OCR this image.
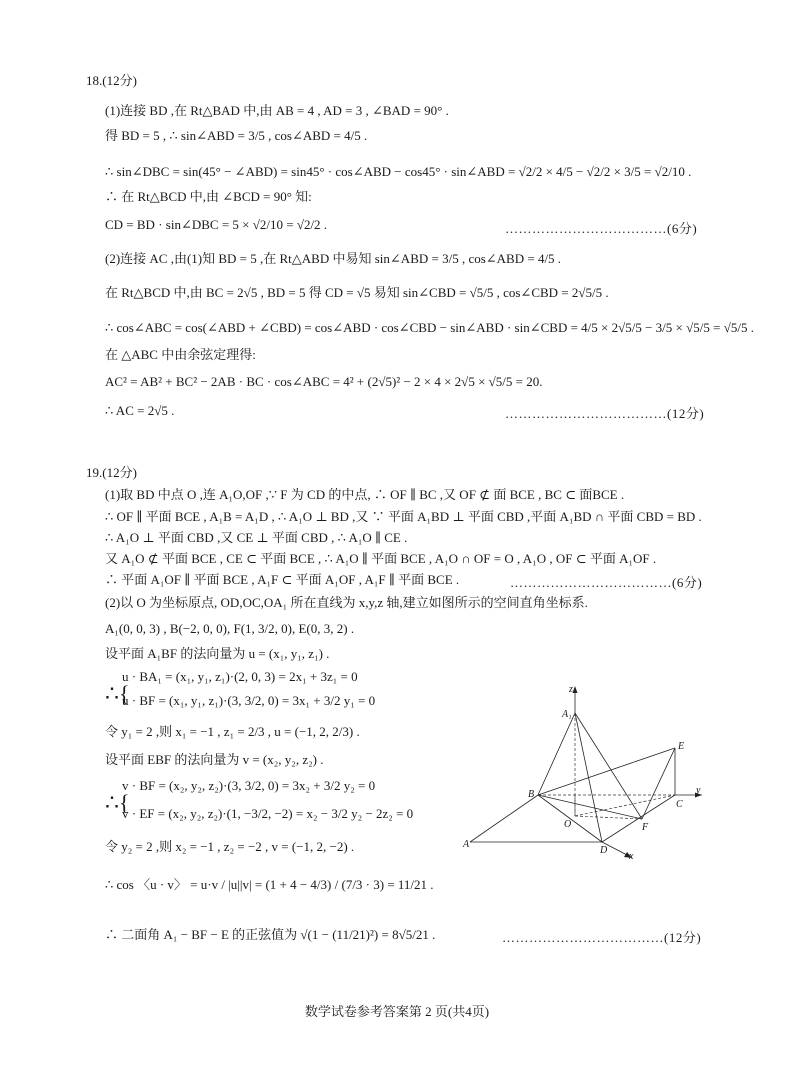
18.(12分)
(1)连接 BD ,在 Rt△BAD 中,由 AB = 4 , AD = 3 , ∠BAD = 90° .
得 BD = 5 , ∴ sin∠ABD = 3/5 , cos∠ABD = 4/5 .
∴ sin∠DBC = sin(45° − ∠ABD) = sin45° · cos∠ABD − cos45° · sin∠ABD = √2/2 × 4/5 − √2/2 × 3/5 = √2/10 .
∴ 在 Rt△BCD 中,由 ∠BCD = 90° 知:
CD = BD · sin∠DBC = 5 × √2/10 = √2/2 .	………………………………(6分)
(2)连接 AC ,由(1)知 BD = 5 ,在 Rt△ABD 中易知 sin∠ABD = 3/5 , cos∠ABD = 4/5 .
在 Rt△BCD 中,由 BC = 2√5 , BD = 5 得 CD = √5 易知 sin∠CBD = √5/5 , cos∠CBD = 2√5/5 .
∴ cos∠ABC = cos(∠ABD + ∠CBD) = cos∠ABD · cos∠CBD − sin∠ABD · sin∠CBD = 4/5 × 2√5/5 − 3/5 × √5/5 = √5/5 .
在 △ABC 中由余弦定理得:
AC² = AB² + BC² − 2AB · BC · cos∠ABC = 4² + (2√5)² − 2 × 4 × 2√5 × √5/5 = 20.
∴ AC = 2√5 .	………………………………(12分)
19.(12分)
(1)取 BD 中点 O ,连 A₁O,OF ,∵ F 为 CD 的中点, ∴ OF ∥ BC ,又 OF ⊄ 面 BCE , BC ⊂ 面BCE .
∴ OF ∥ 平面 BCE , A₁B = A₁D , ∴ A₁O ⊥ BD ,又 ∵ 平面 A₁BD ⊥ 平面 CBD ,平面 A₁BD ∩ 平面 CBD = BD .
∴ A₁O ⊥ 平面 CBD ,又 CE ⊥ 平面 CBD , ∴ A₁O ∥ CE .
又 A₁O ⊄ 平面 BCE , CE ⊂ 平面 BCE , ∴ A₁O ∥ 平面 BCE , A₁O ∩ OF = O , A₁O , OF ⊂ 平面 A₁OF .
∴ 平面 A₁OF ∥ 平面 BCE , A₁F ⊂ 平面 A₁OF , A₁F ∥ 平面 BCE .	………………………………(6分)
(2)以 O 为坐标原点, OD,OC,OA₁ 所在直线为 x,y,z 轴,建立如图所示的空间直角坐标系.
A₁(0, 0, 3) , B(−2, 0, 0), F(1, 3/2, 0), E(0, 3, 2) .
设平面 A₁BF 的法向量为 u = (x₁, y₁, z₁) .
∴{
u · BA₁ = (x₁, y₁, z₁)·(2, 0, 3) = 2x₁ + 3z₁ = 0
u · BF = (x₁, y₁, z₁)·(3, 3/2, 0) = 3x₁ + 3/2 y₁ = 0
令 y₁ = 2 ,则 x₁ = −1 , z₁ = 2/3 , u = (−1, 2, 2/3) .
设平面 EBF 的法向量为 v = (x₂, y₂, z₂) .
∴{
v · BF = (x₂, y₂, z₂)·(3, 3/2, 0) = 3x₂ + 3/2 y₂ = 0
v · EF = (x₂, y₂, z₂)·(1, −3/2, −2) = x₂ − 3/2 y₂ − 2z₂ = 0
令 y₂ = 2 ,则 x₂ = −1 , z₂ = −2 , v = (−1, 2, −2) .
∴ cos 〈u · v〉 = u·v / |u||v| = (1 + 4 − 4/3) / (7/3 · 3) = 11/21 .
∴ 二面角 A₁ − BF − E 的正弦值为 √(1 − (11/21)²) = 8√5/21 .	………………………………(12分)
z
A₁
E
B
C
y
O	F
A
D
x
数学试卷参考答案第 2 页(共4页)
